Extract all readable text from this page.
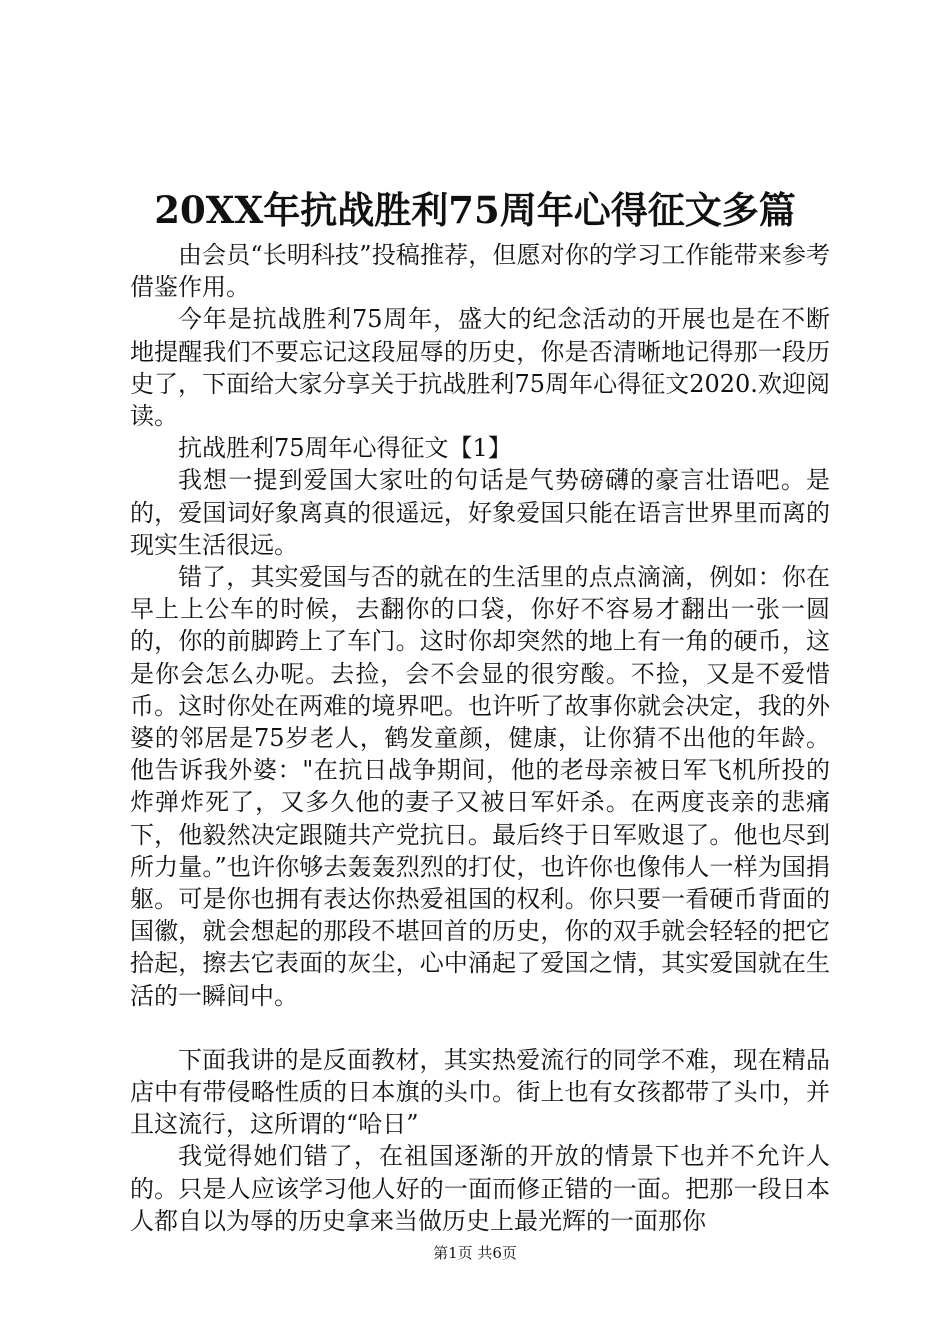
20XX年抗战胜利75周年心得征文多篇

由会员“长明科技”投稿推荐，但愿对你的学习工作能带来参考借鉴作用。

今年是抗战胜利75周年，盛大的纪念活动的开展也是在不断地提醒我们不要忘记这段屈辱的历史，你是否清晰地记得那一段历史了，下面给大家分享关于抗战胜利75周年心得征文2020.欢迎阅读。

抗战胜利75周年心得征文【1】

我想一提到爱国大家吐的句话是气势磅礴的豪言壮语吧。是的，爱国词好象离真的很遥远，好象爱国只能在语言世界里而离的现实生活很远。

错了，其实爱国与否的就在的生活里的点点滴滴，例如：你在早上上公车的时候，去翻你的口袋，你好不容易才翻出一张一圆的，你的前脚跨上了车门。这时你却突然的地上有一角的硬币，这是你会怎么办呢。去捡，会不会显的很穷酸。不捡，又是不爱惜币。这时你处在两难的境界吧。也许听了故事你就会决定，我的外婆的邻居是75岁老人，鹤发童颜，健康，让你猜不出他的年龄。他告诉我外婆："在抗日战争期间，他的老母亲被日军飞机所投的炸弹炸死了，又多久他的妻子又被日军奸杀。在两度丧亲的悲痛下，他毅然决定跟随共产党抗日。最后终于日军败退了。他也尽到所力量。”也许你够去轰轰烈烈的打仗，也许你也像伟人一样为国捐躯。可是你也拥有表达你热爱祖国的权利。你只要一看硬币背面的国徽，就会想起的那段不堪回首的历史，你的双手就会轻轻的把它拾起，擦去它表面的灰尘，心中涌起了爱国之情，其实爱国就在生活的一瞬间中。

下面我讲的是反面教材，其实热爱流行的同学不难，现在精品店中有带侵略性质的日本旗的头巾。街上也有女孩都带了头巾，并且这流行，这所谓的“哈日”

我觉得她们错了，在祖国逐渐的开放的情景下也并不允许人的。只是人应该学习他人好的一面而修正错的一面。把那一段日本人都自以为辱的历史拿来当做历史上最光辉的一面那你

第1页 共6页
